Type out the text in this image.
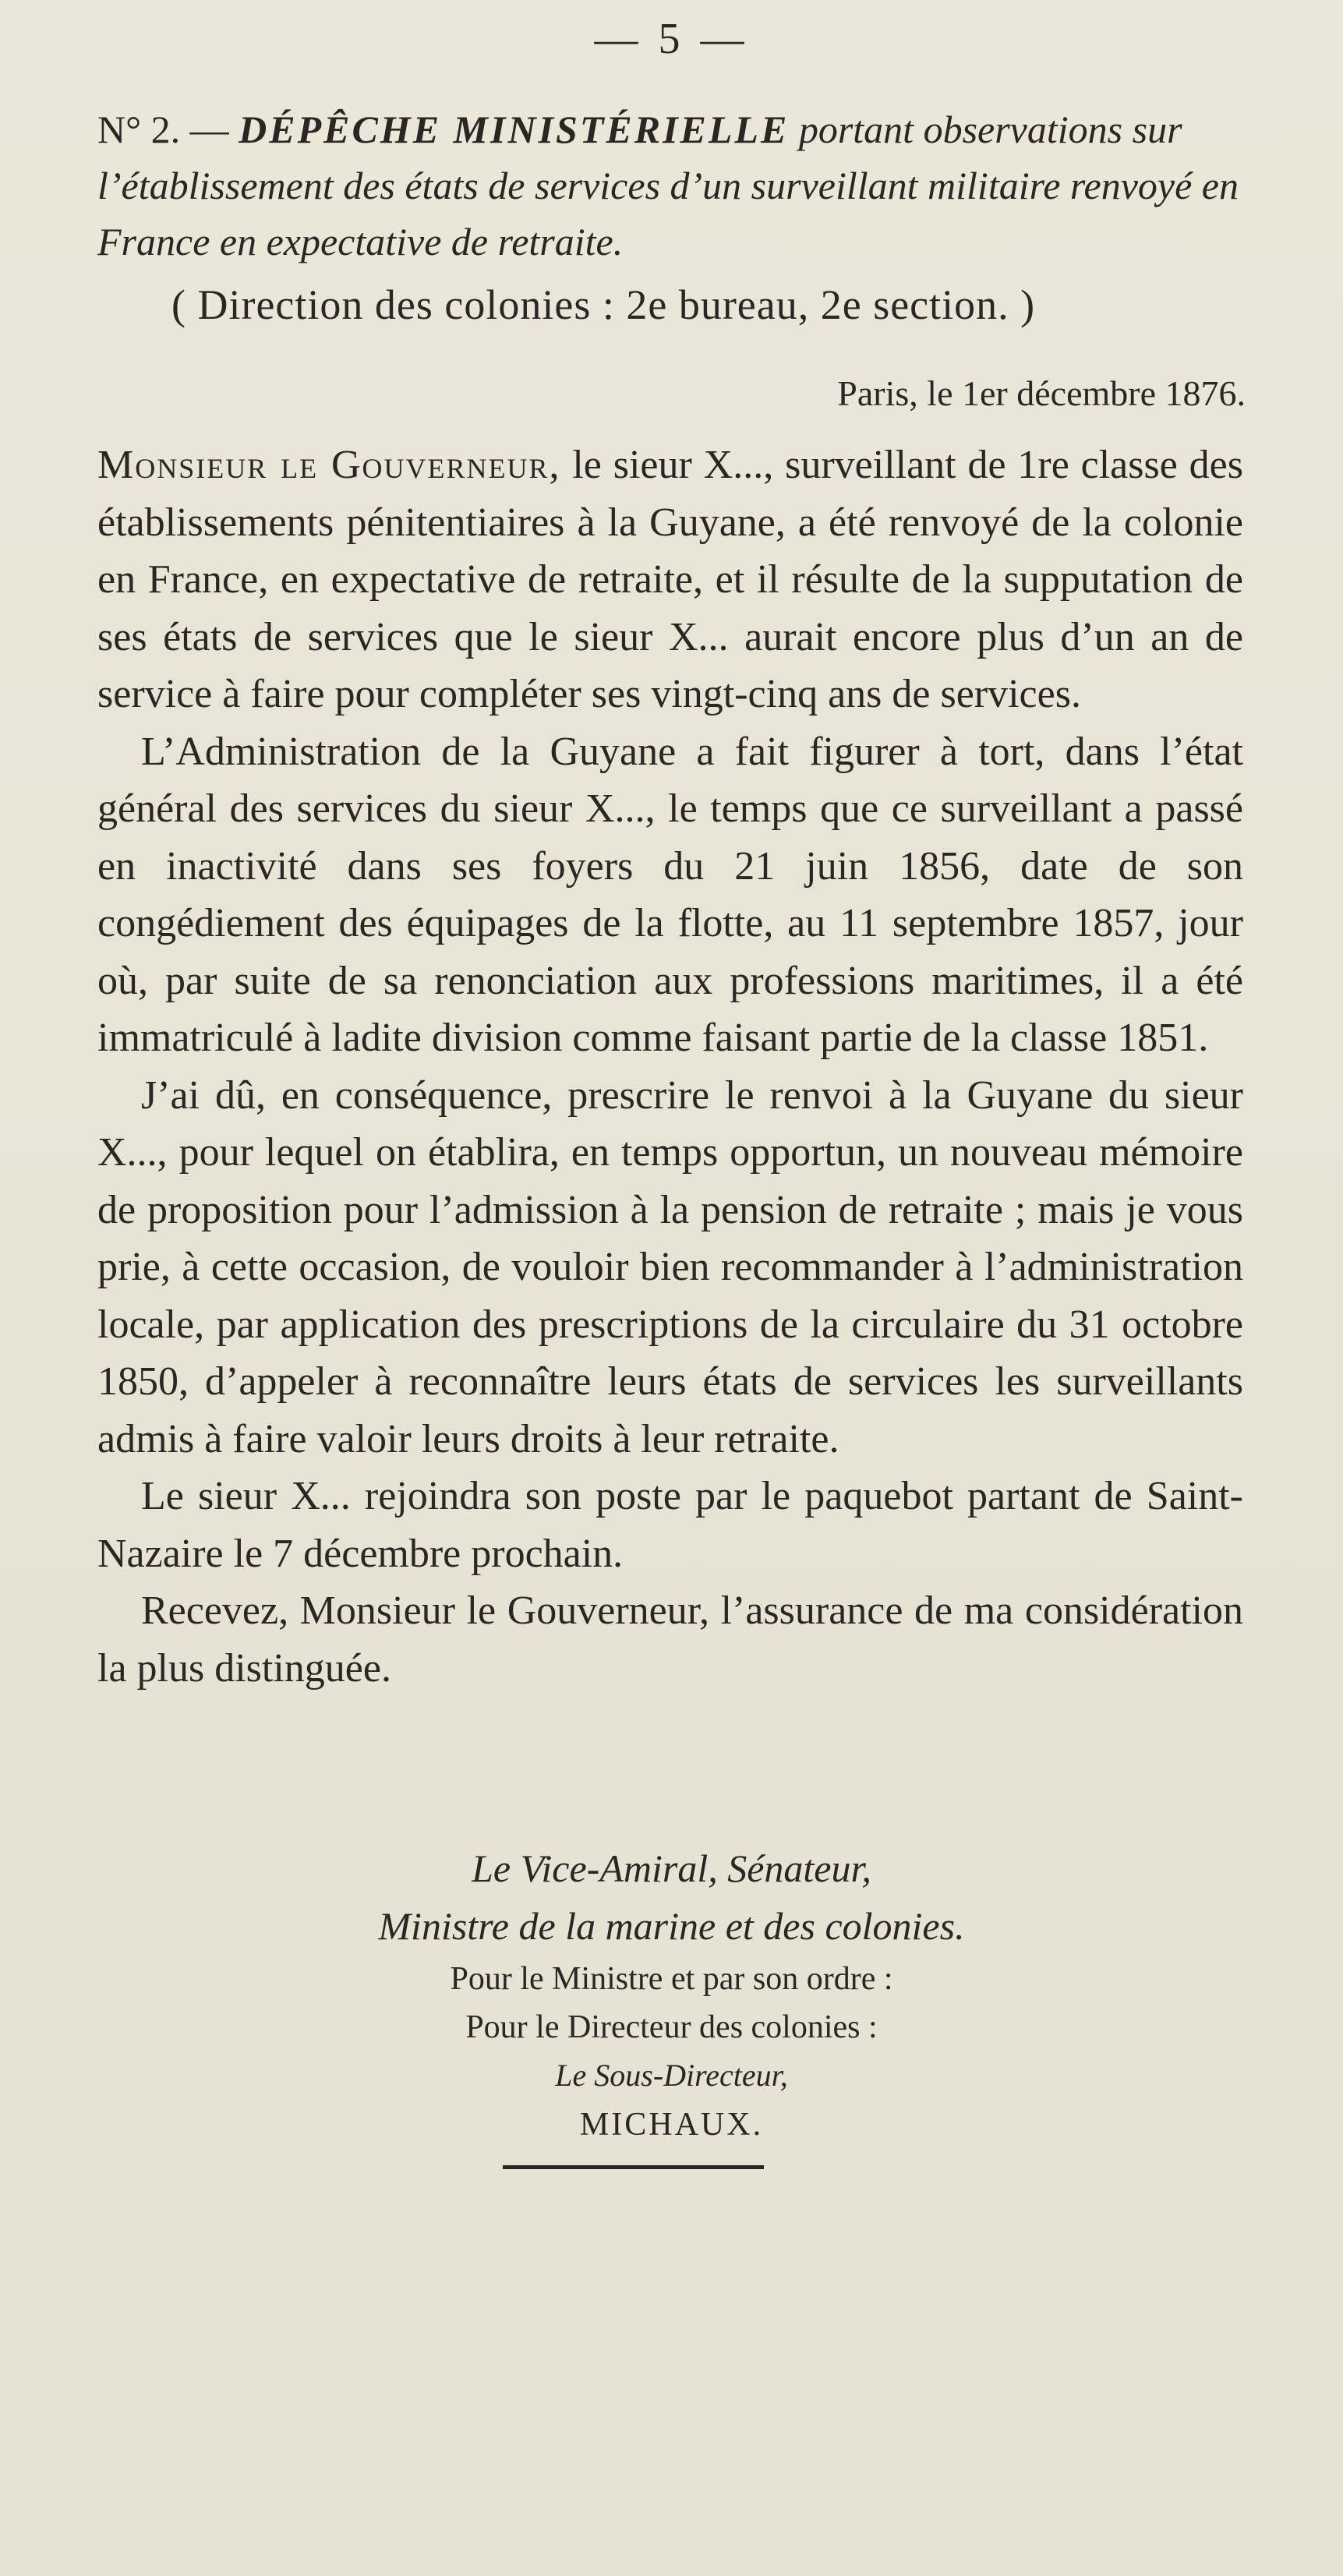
— 5 —
N° 2. — DÉPÊCHE MINISTÉRIELLE portant observations sur l’établissement des états de services d’un surveillant militaire renvoyé en France en expectative de retraite.
( Direction des colonies : 2e bureau, 2e section. )
Paris, le 1er décembre 1876.

Monsieur le Gouverneur, le sieur X..., surveillant de 1re classe des établissements pénitentiaires à la Guyane, a été renvoyé de la colonie en France, en expectative de retraite, et il résulte de la supputation de ses états de services que le sieur X... aurait encore plus d’un an de service à faire pour compléter ses vingt-cinq ans de services.

L’Administration de la Guyane a fait figurer à tort, dans l’état général des services du sieur X..., le temps que ce surveillant a passé en inactivité dans ses foyers du 21 juin 1856, date de son congédiement des équipages de la flotte, au 11 septembre 1857, jour où, par suite de sa renonciation aux professions maritimes, il a été immatriculé à ladite division comme faisant partie de la classe 1851.

J’ai dû, en conséquence, prescrire le renvoi à la Guyane du sieur X..., pour lequel on établira, en temps opportun, un nouveau mémoire de proposition pour l’admission à la pension de retraite ; mais je vous prie, à cette occasion, de vouloir bien recommander à l’administration locale, par application des prescriptions de la circulaire du 31 octobre 1850, d’appeler à reconnaître leurs états de services les surveillants admis à faire valoir leurs droits à leur retraite.

Le sieur X... rejoindra son poste par le paquebot partant de Saint-Nazaire le 7 décembre prochain.

Recevez, Monsieur le Gouverneur, l’assurance de ma considération la plus distinguée.

Le Vice-Amiral, Sénateur,
Ministre de la marine et des colonies.
Pour le Ministre et par son ordre :
Pour le Directeur des colonies :
Le Sous-Directeur,
MICHAUX.
